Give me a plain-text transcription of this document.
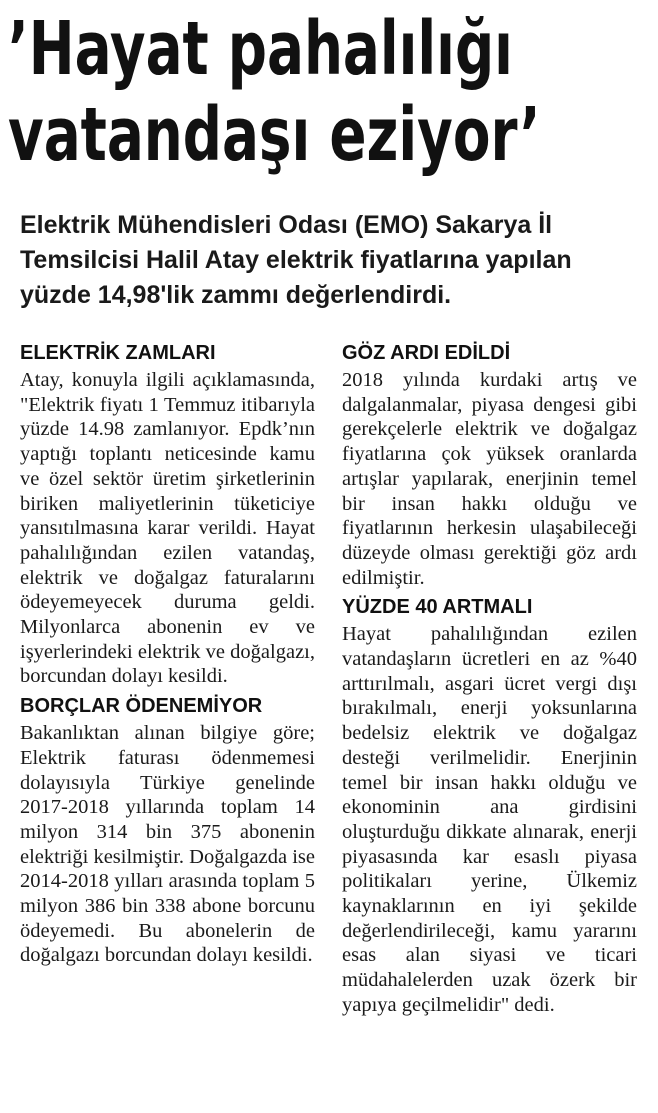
’Hayat pahalılığı
vatandaşı eziyor’
Elektrik Mühendisleri Odası (EMO) Sakarya İl Temsilcisi Halil Atay elektrik fiyatlarına yapılan yüzde 14,98'lik zammı değerlendirdi.
ELEKTRİK ZAMLARI

Atay, konuyla ilgili açıklamasında, "Elektrik fiyatı 1 Temmuz itibarıyla yüzde 14.98 zamlanıyor. Epdk’nın yaptığı toplantı neticesinde kamu ve özel sektör üretim şirketlerinin biriken maliyetlerinin tüketiciye yansıtılmasına karar verildi. Hayat pahalılığından ezilen vatandaş, elektrik ve doğalgaz faturalarını ödeyemeyecek duruma geldi. Milyonlarca abonenin ev ve işyerlerindeki elektrik ve doğalgazı, borcundan dolayı kesildi.

BORÇLAR ÖDENEMİYOR

Bakanlıktan alınan bilgiye göre; Elektrik faturası ödenmemesi dolayısıyla Türkiye genelinde 2017-2018 yıllarında toplam 14 milyon 314 bin 375 abonenin elektriği kesilmiştir. Doğalgazda ise 2014-2018 yılları arasında toplam 5 milyon 386 bin 338 abone borcunu ödeyemedi. Bu abonelerin de doğalgazı borcundan dolayı kesildi.

GÖZ ARDI EDİLDİ

2018 yılında kurdaki artış ve dalgalanmalar, piyasa dengesi gibi gerekçelerle elektrik ve doğalgaz fiyatlarına çok yüksek oranlarda artışlar yapılarak, enerjinin temel bir insan hakkı olduğu ve fiyatlarının herkesin ulaşabileceği düzeyde olması gerektiği göz ardı edilmiştir.

YÜZDE 40 ARTMALI

Hayat pahalılığından ezilen vatandaşların ücretleri en az %40 arttırılmalı, asgari ücret vergi dışı bırakılmalı, enerji yoksunlarına bedelsiz elektrik ve doğalgaz desteği verilmelidir. Enerjinin temel bir insan hakkı olduğu ve ekonominin ana girdisini oluşturduğu dikkate alınarak, enerji piyasasında kar esaslı piyasa politikaları yerine, Ülkemiz kaynaklarının en iyi şekilde değerlendirileceği, kamu yararını esas alan siyasi ve ticari müdahalelerden uzak özerk bir yapıya geçilmelidir" dedi.
